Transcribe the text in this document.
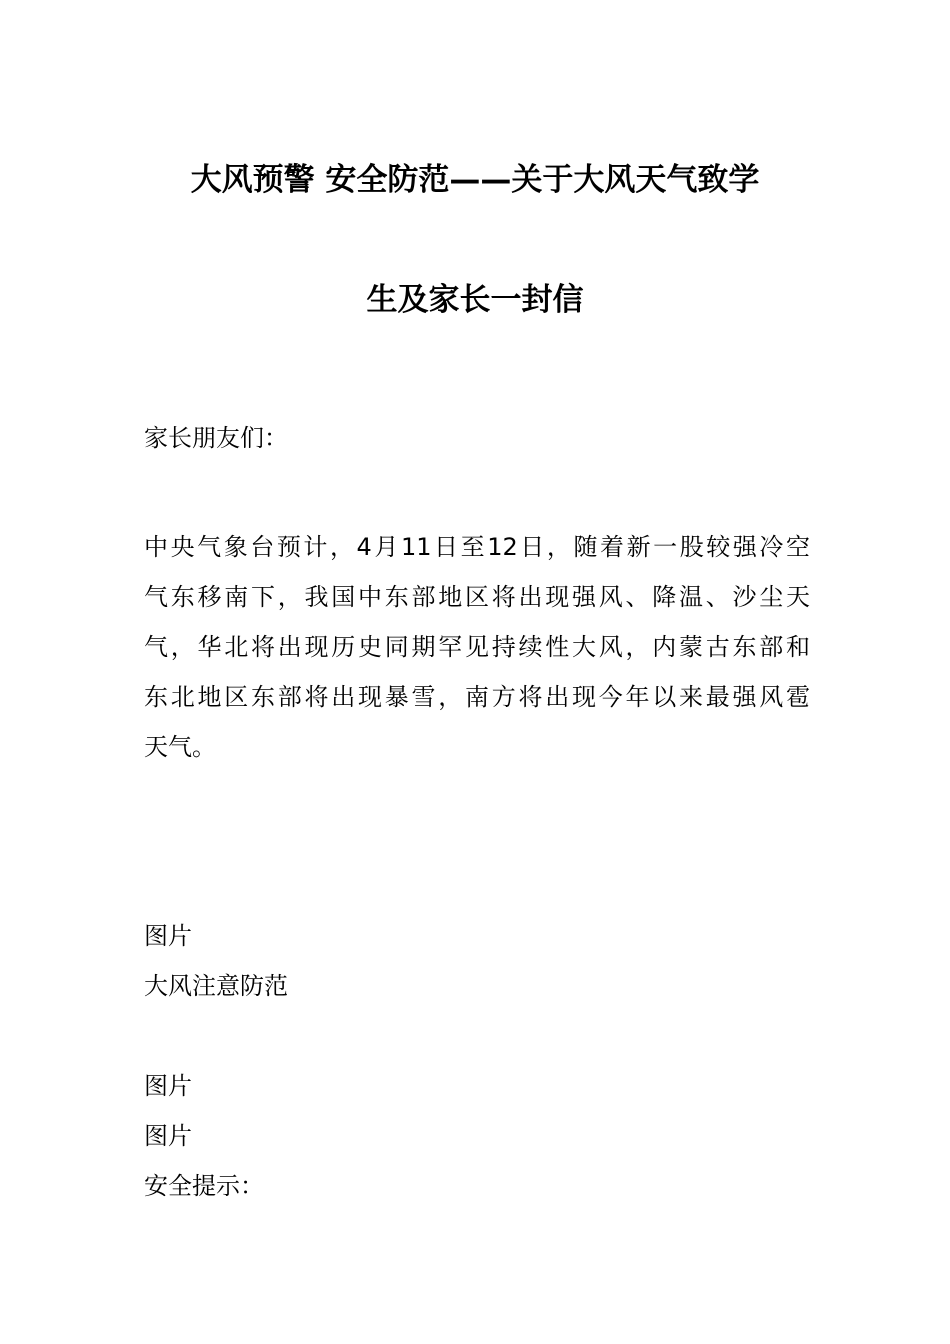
大风预警 安全防范——关于大风天气致学
生及家长一封信

家长朋友们：

中央气象台预计，4月11日至12日，随着新一股较强冷空
气东移南下，我国中东部地区将出现强风、降温、沙尘天
气，华北将出现历史同期罕见持续性大风，内蒙古东部和
东北地区东部将出现暴雪，南方将出现今年以来最强风雹
天气。

图片

大风注意防范

图片

图片

安全提示：
